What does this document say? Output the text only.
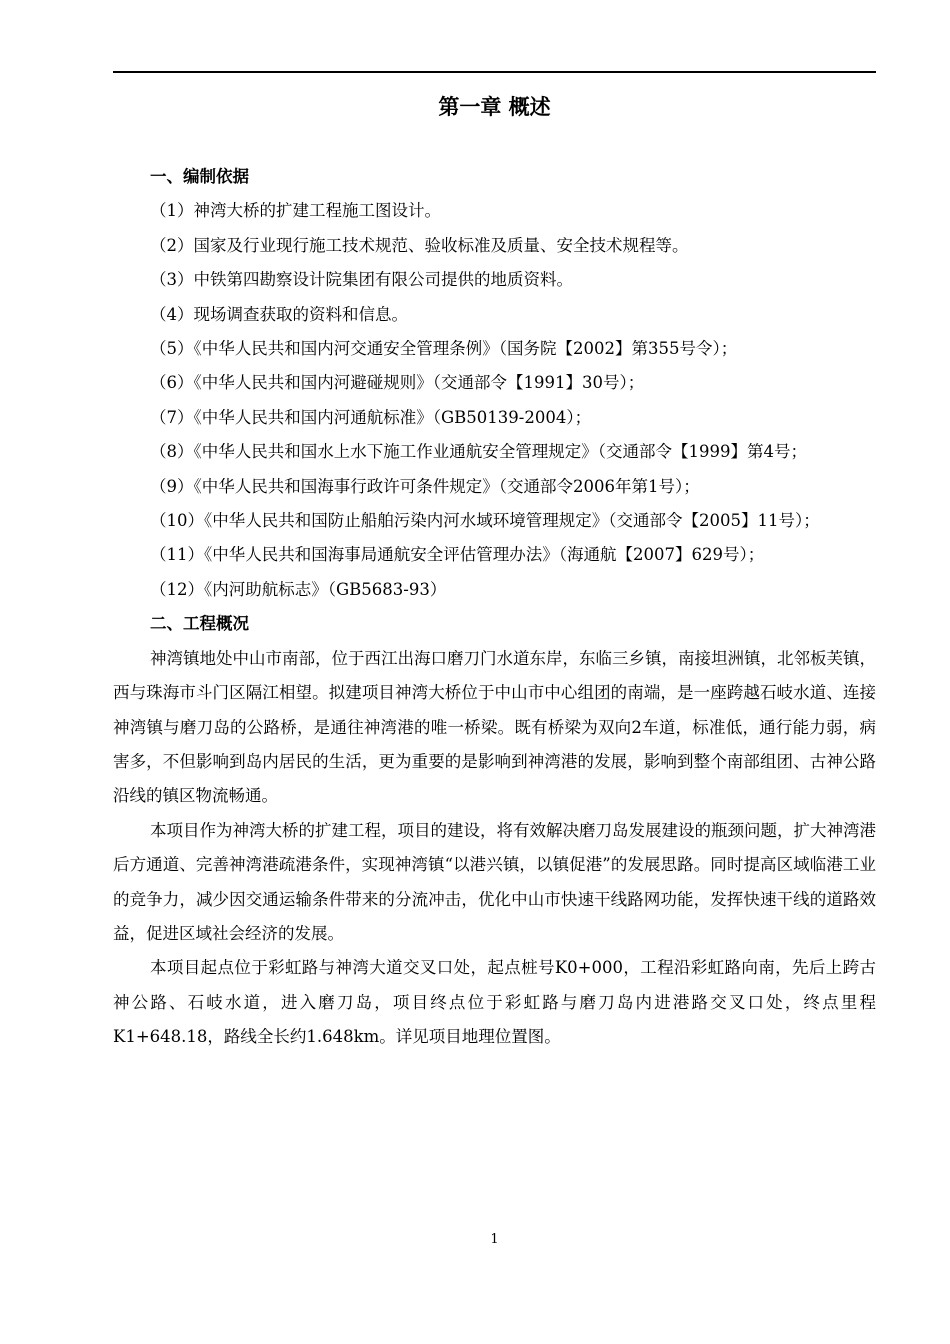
第一章 概述

一、编制依据

（1）神湾大桥的扩建工程施工图设计。

（2）国家及行业现行施工技术规范、验收标准及质量、安全技术规程等。

（3）中铁第四勘察设计院集团有限公司提供的地质资料。

（4）现场调查获取的资料和信息。

（5）《中华人民共和国内河交通安全管理条例》（国务院【2002】第355号令）；

（6）《中华人民共和国内河避碰规则》（交通部令【1991】30号）；

（7）《中华人民共和国内河通航标准》（GB50139-2004）；

（8）《中华人民共和国水上水下施工作业通航安全管理规定》（交通部令【1999】第4号；

（9）《中华人民共和国海事行政许可条件规定》（交通部令2006年第1号）；

（10）《中华人民共和国防止船舶污染内河水域环境管理规定》（交通部令【2005】11号）；

（11）《中华人民共和国海事局通航安全评估管理办法》（海通航【2007】629号）；

（12）《内河助航标志》（GB5683-93）

二、工程概况

神湾镇地处中山市南部，位于西江出海口磨刀门水道东岸，东临三乡镇，南接坦洲镇，北邻板芙镇，西与珠海市斗门区隔江相望。拟建项目神湾大桥位于中山市中心组团的南端，是一座跨越石岐水道、连接神湾镇与磨刀岛的公路桥，是通往神湾港的唯一桥梁。既有桥梁为双向2车道，标准低，通行能力弱，病害多，不但影响到岛内居民的生活，更为重要的是影响到神湾港的发展，影响到整个南部组团、古神公路沿线的镇区物流畅通。

本项目作为神湾大桥的扩建工程，项目的建设，将有效解决磨刀岛发展建设的瓶颈问题，扩大神湾港后方通道、完善神湾港疏港条件，实现神湾镇“以港兴镇，以镇促港”的发展思路。同时提高区域临港工业的竞争力，减少因交通运输条件带来的分流冲击，优化中山市快速干线路网功能，发挥快速干线的道路效益，促进区域社会经济的发展。

本项目起点位于彩虹路与神湾大道交叉口处，起点桩号K0+000，工程沿彩虹路向南，先后上跨古神公路、石岐水道，进入磨刀岛，项目终点位于彩虹路与磨刀岛内进港路交叉口处，终点里程K1+648.18，路线全长约1.648km。详见项目地理位置图。

1
